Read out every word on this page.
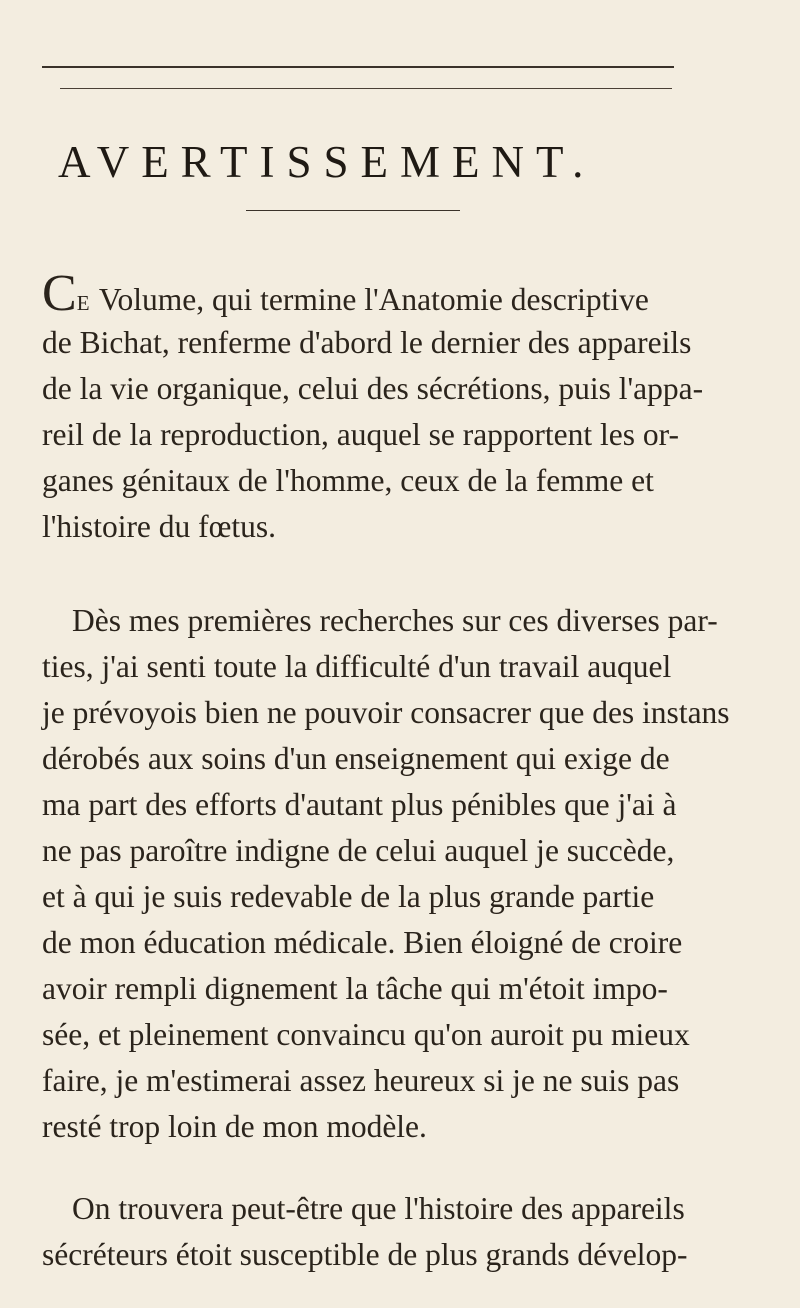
AVERTISSEMENT.
CE Volume, qui termine l'Anatomie descriptive
de Bichat, renferme d'abord le dernier des appareils
de la vie organique, celui des sécrétions, puis l'appa-
reil de la reproduction, auquel se rapportent les or-
ganes génitaux de l'homme, ceux de la femme et
l'histoire du fœtus.
Dès mes premières recherches sur ces diverses par-
ties, j'ai senti toute la difficulté d'un travail auquel
je prévoyois bien ne pouvoir consacrer que des instans
dérobés aux soins d'un enseignement qui exige de
ma part des efforts d'autant plus pénibles que j'ai à
ne pas paroître indigne de celui auquel je succède,
et à qui je suis redevable de la plus grande partie
de mon éducation médicale. Bien éloigné de croire
avoir rempli dignement la tâche qui m'étoit impo-
sée, et pleinement convaincu qu'on auroit pu mieux
faire, je m'estimerai assez heureux si je ne suis pas
resté trop loin de mon modèle.
On trouvera peut-être que l'histoire des appareils
sécréteurs étoit susceptible de plus grands dévelop-
